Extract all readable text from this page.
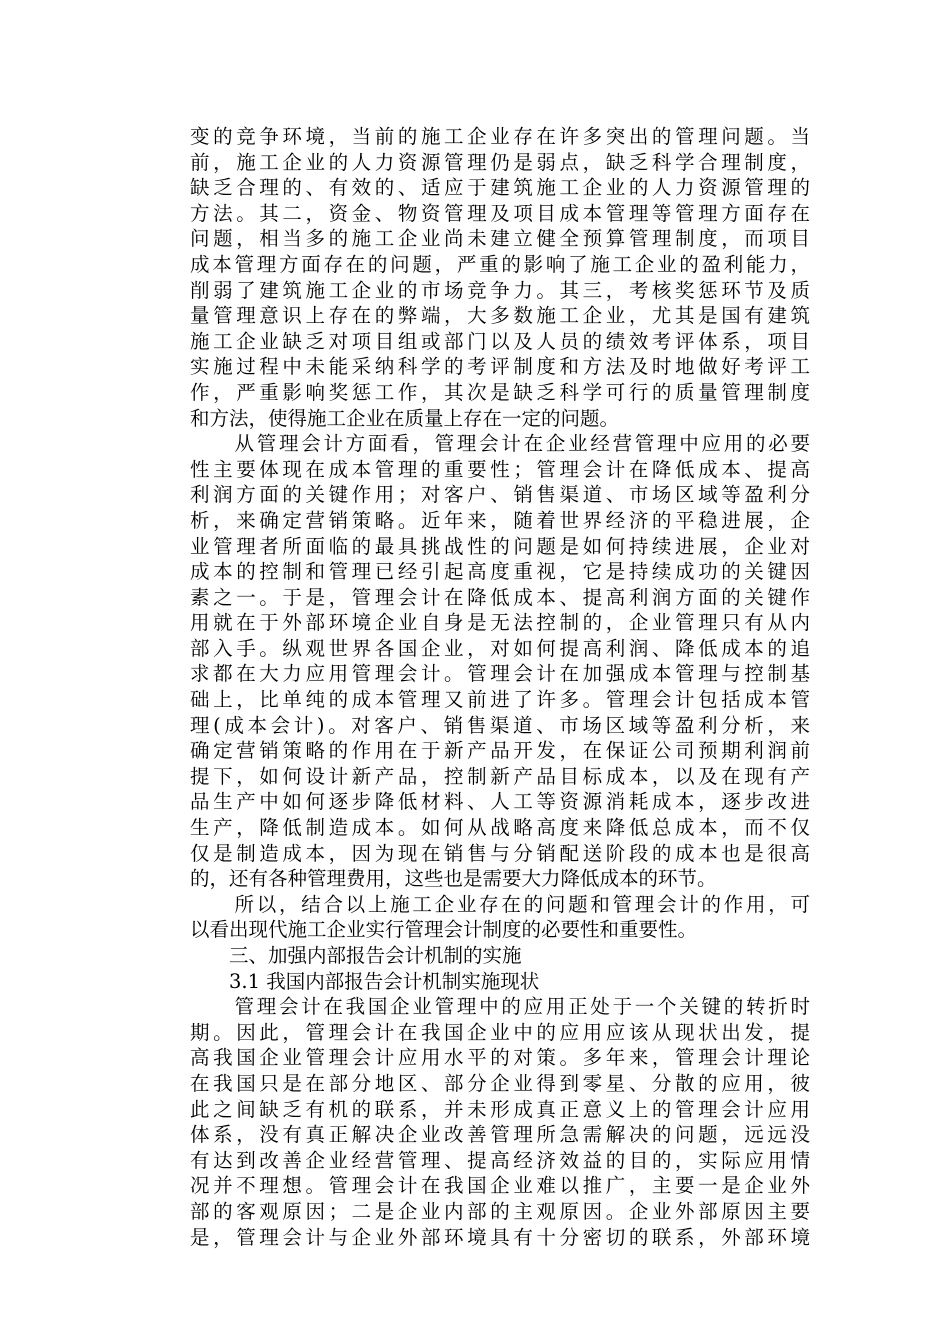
变的竞争环境，当前的施工企业存在许多突出的管理问题。当
前，施工企业的人力资源管理仍是弱点，缺乏科学合理制度，
缺乏合理的、有效的、适应于建筑施工企业的人力资源管理的
方法。其二，资金、物资管理及项目成本管理等管理方面存在
问题，相当多的施工企业尚未建立健全预算管理制度，而项目
成本管理方面存在的问题，严重的影响了施工企业的盈利能力，
削弱了建筑施工企业的市场竞争力。其三，考核奖惩环节及质
量管理意识上存在的弊端，大多数施工企业，尤其是国有建筑
施工企业缺乏对项目组或部门以及人员的绩效考评体系，项目
实施过程中未能采纳科学的考评制度和方法及时地做好考评工
作，严重影响奖惩工作，其次是缺乏科学可行的质量管理制度
和方法，使得施工企业在质量上存在一定的问题。
　　从管理会计方面看，管理会计在企业经营管理中应用的必要
性主要体现在成本管理的重要性；管理会计在降低成本、提高
利润方面的关键作用；对客户、销售渠道、市场区域等盈利分
析，来确定营销策略。近年来，随着世界经济的平稳进展，企
业管理者所面临的最具挑战性的问题是如何持续进展，企业对
成本的控制和管理已经引起高度重视，它是持续成功的关键因
素之一。于是，管理会计在降低成本、提高利润方面的关键作
用就在于外部环境企业自身是无法控制的，企业管理只有从内
部入手。纵观世界各国企业，对如何提高利润、降低成本的追
求都在大力应用管理会计。管理会计在加强成本管理与控制基
础上，比单纯的成本管理又前进了许多。管理会计包括成本管
理(成本会计)。对客户、销售渠道、市场区域等盈利分析，来
确定营销策略的作用在于新产品开发，在保证公司预期利润前
提下，如何设计新产品，控制新产品目标成本，以及在现有产
品生产中如何逐步降低材料、人工等资源消耗成本，逐步改进
生产，降低制造成本。如何从战略高度来降低总成本，而不仅
仅是制造成本，因为现在销售与分销配送阶段的成本也是很高
的，还有各种管理费用，这些也是需要大力降低成本的环节。
　　所以，结合以上施工企业存在的问题和管理会计的作用，可
以看出现代施工企业实行管理会计制度的必要性和重要性。
　　三、加强内部报告会计机制的实施
　　3.1 我国内部报告会计机制实施现状
　　管理会计在我国企业管理中的应用正处于一个关键的转折时
期。因此，管理会计在我国企业中的应用应该从现状出发，提
高我国企业管理会计应用水平的对策。多年来，管理会计理论
在我国只是在部分地区、部分企业得到零星、分散的应用，彼
此之间缺乏有机的联系，并未形成真正意义上的管理会计应用
体系，没有真正解决企业改善管理所急需解决的问题，远远没
有达到改善企业经营管理、提高经济效益的目的，实际应用情
况并不理想。管理会计在我国企业难以推广，主要一是企业外
部的客观原因；二是企业内部的主观原因。企业外部原因主要
是，管理会计与企业外部环境具有十分密切的联系，外部环境
